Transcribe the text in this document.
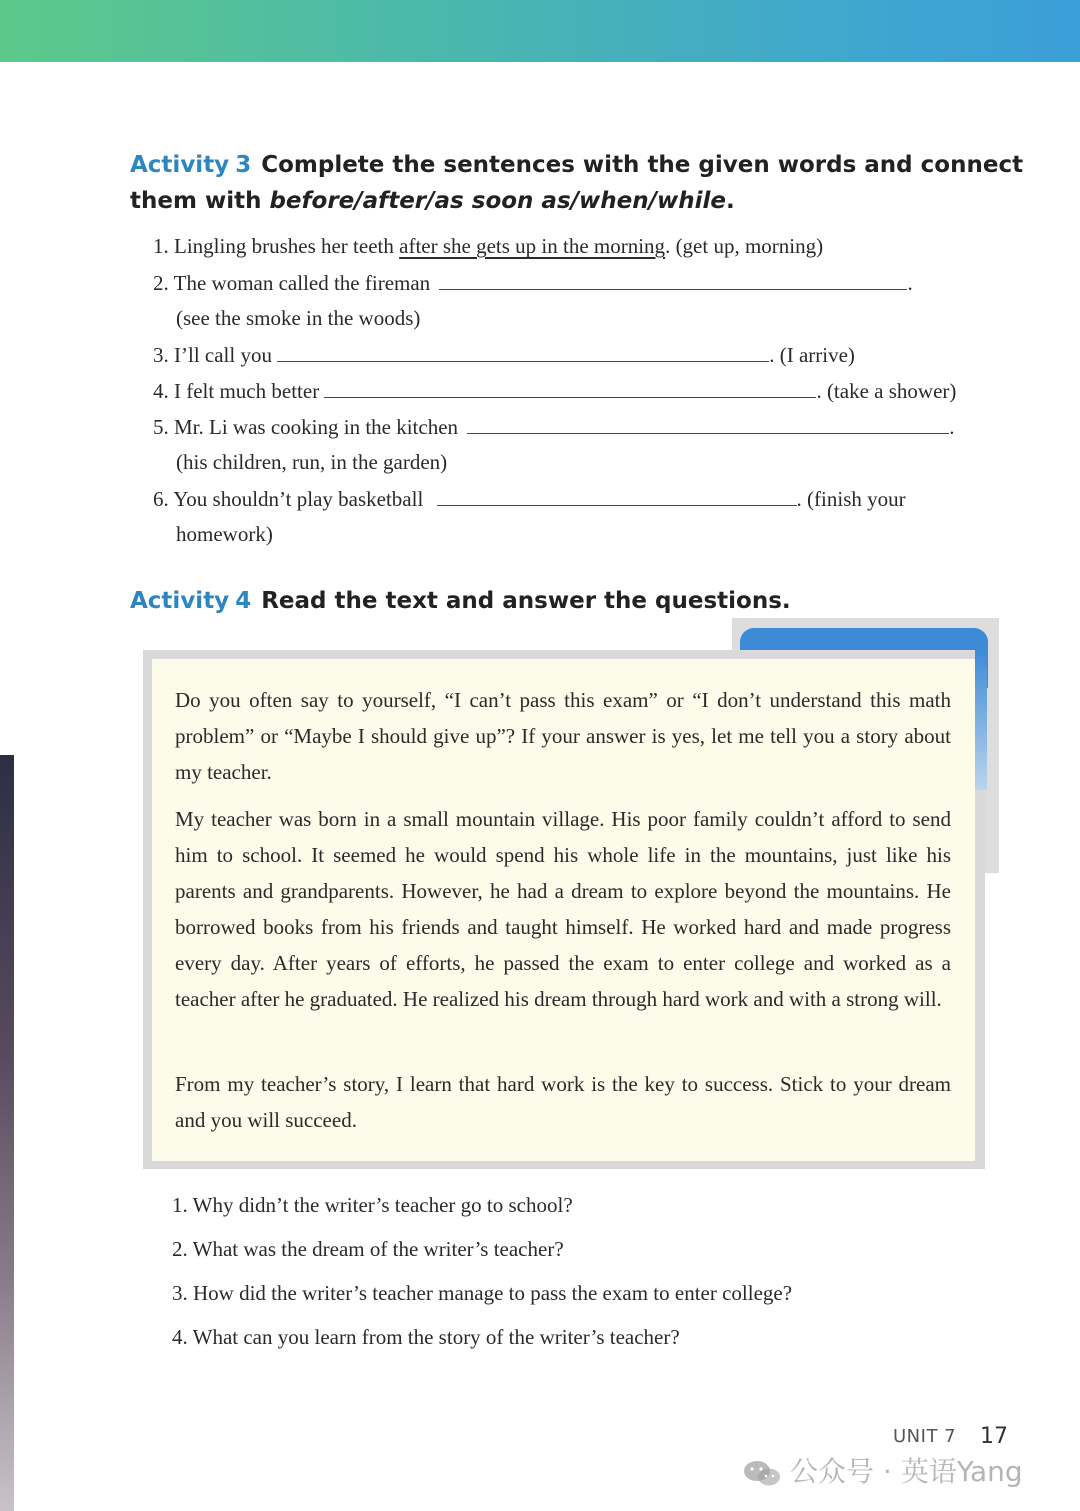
Activity 3 Complete the sentences with the given words and connect
them with before/after/as soon as/when/while.
1. Lingling brushes her teeth after she gets up in the morning. (get up, morning)
2. The woman called the fireman	.
(see the smoke in the woods)
3. I’ll call you	. (I arrive)
4. I felt much better	. (take a shower)
5. Mr. Li was cooking in the kitchen	.
(his children, run, in the garden)
6. You shouldn’t play basketball	. (finish your
homework)
Activity 4 Read the text and answer the questions.
Do you often say to yourself, “I can’t pass this exam” or “I don’t understand this math problem” or “Maybe I should give up”? If your answer is yes, let me tell you a story about my teacher.
My teacher was born in a small mountain village. His poor family couldn’t afford to send him to school. It seemed he would spend his whole life in the mountains, just like his parents and grandparents. However, he had a dream to explore beyond the mountains. He borrowed books from his friends and taught himself. He worked hard and made progress every day. After years of efforts, he passed the exam to enter college and worked as a teacher after he graduated. He realized his dream through hard work and with a strong will.
From my teacher’s story, I learn that hard work is the key to success. Stick to your dream and you will succeed.
1. Why didn’t the writer’s teacher go to school?
2. What was the dream of the writer’s teacher?
3. How did the writer’s teacher manage to pass the exam to enter college?
4. What can you learn from the story of the writer’s teacher?
UNIT 7 17
公众号 · 英语Yang
